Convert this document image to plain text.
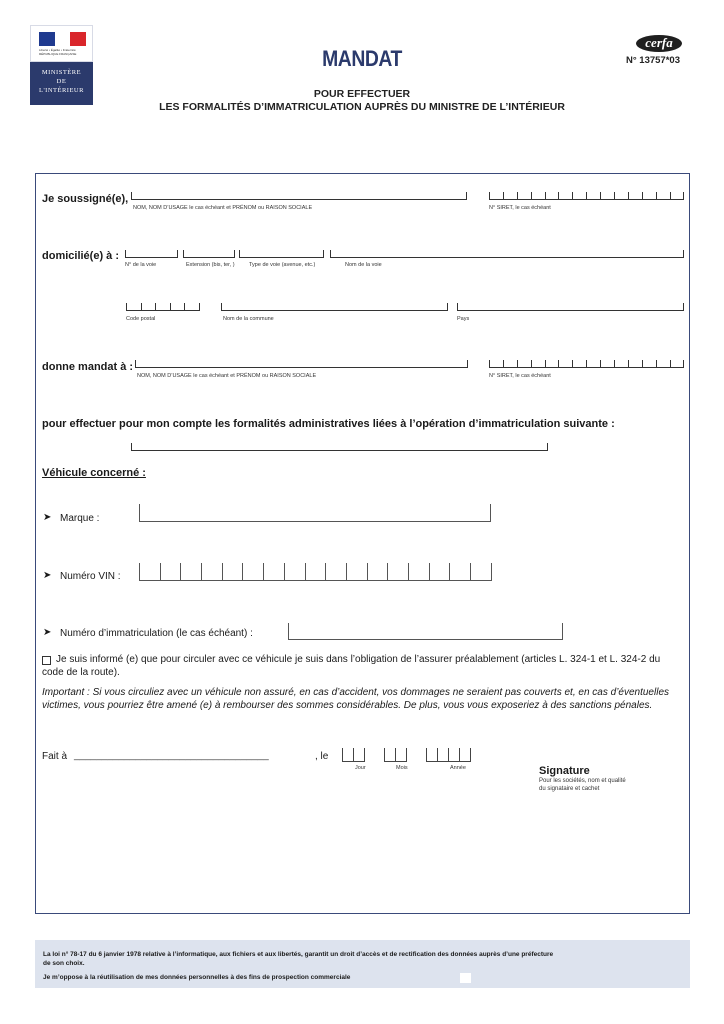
Liberté • Égalité • Fraternité
RÉPUBLIQUE FRANÇAISE
MINISTÈRE
DE
L'INTÉRIEUR
MANDAT
POUR EFFECTUER
LES FORMALITÉS D’IMMATRICULATION AUPRÈS DU MINISTRE DE L’INTÉRIEUR
cerfa
N° 13757*03
Je soussigné(e),
NOM, NOM D’USAGE le cas échéant et PRÉNOM ou RAISON SOCIALE	N° SIRET, le cas échéant
domicilié(e) à :
N° de la voie	Extension (bis, ter, )	Type de voie (avenue, etc.)	Nom de la voie
Code postal	Nom de la commune	Pays
donne mandat à :
NOM, NOM D’USAGE le cas échéant et PRÉNOM ou RAISON SOCIALE	N° SIRET, le cas échéant
pour effectuer pour mon compte les formalités administratives liées à l’opération d’immatriculation suivante :
Véhicule concerné :
➤ Marque :
➤ Numéro VIN :
➤ Numéro d’immatriculation (le cas échéant) :
Je suis informé (e) que pour circuler avec ce véhicule je suis dans l’obligation de l’assurer préalablement (articles L. 324-1 et L. 324-2 du code de la route).
Important : Si vous circuliez avec un véhicule non assuré, en cas d’accident, vos dommages ne seraient pas couverts et, en cas d’éventuelles victimes, vous pourriez être amené (e) à rembourser des sommes considérables. De plus, vous vous exposeriez à des sanctions pénales.
Fait à ___________________________________	, le
Jour	Mois	Année	Signature
Pour les sociétés, nom et qualité
du signataire et cachet
La loi n° 78-17 du 6 janvier 1978 relative à l’informatique, aux fichiers et aux libertés, garantit un droit d’accès et de rectification des données auprès d’une préfecture
de son choix.
Je m’oppose à la réutilisation de mes données personnelles à des fins de prospection commerciale
